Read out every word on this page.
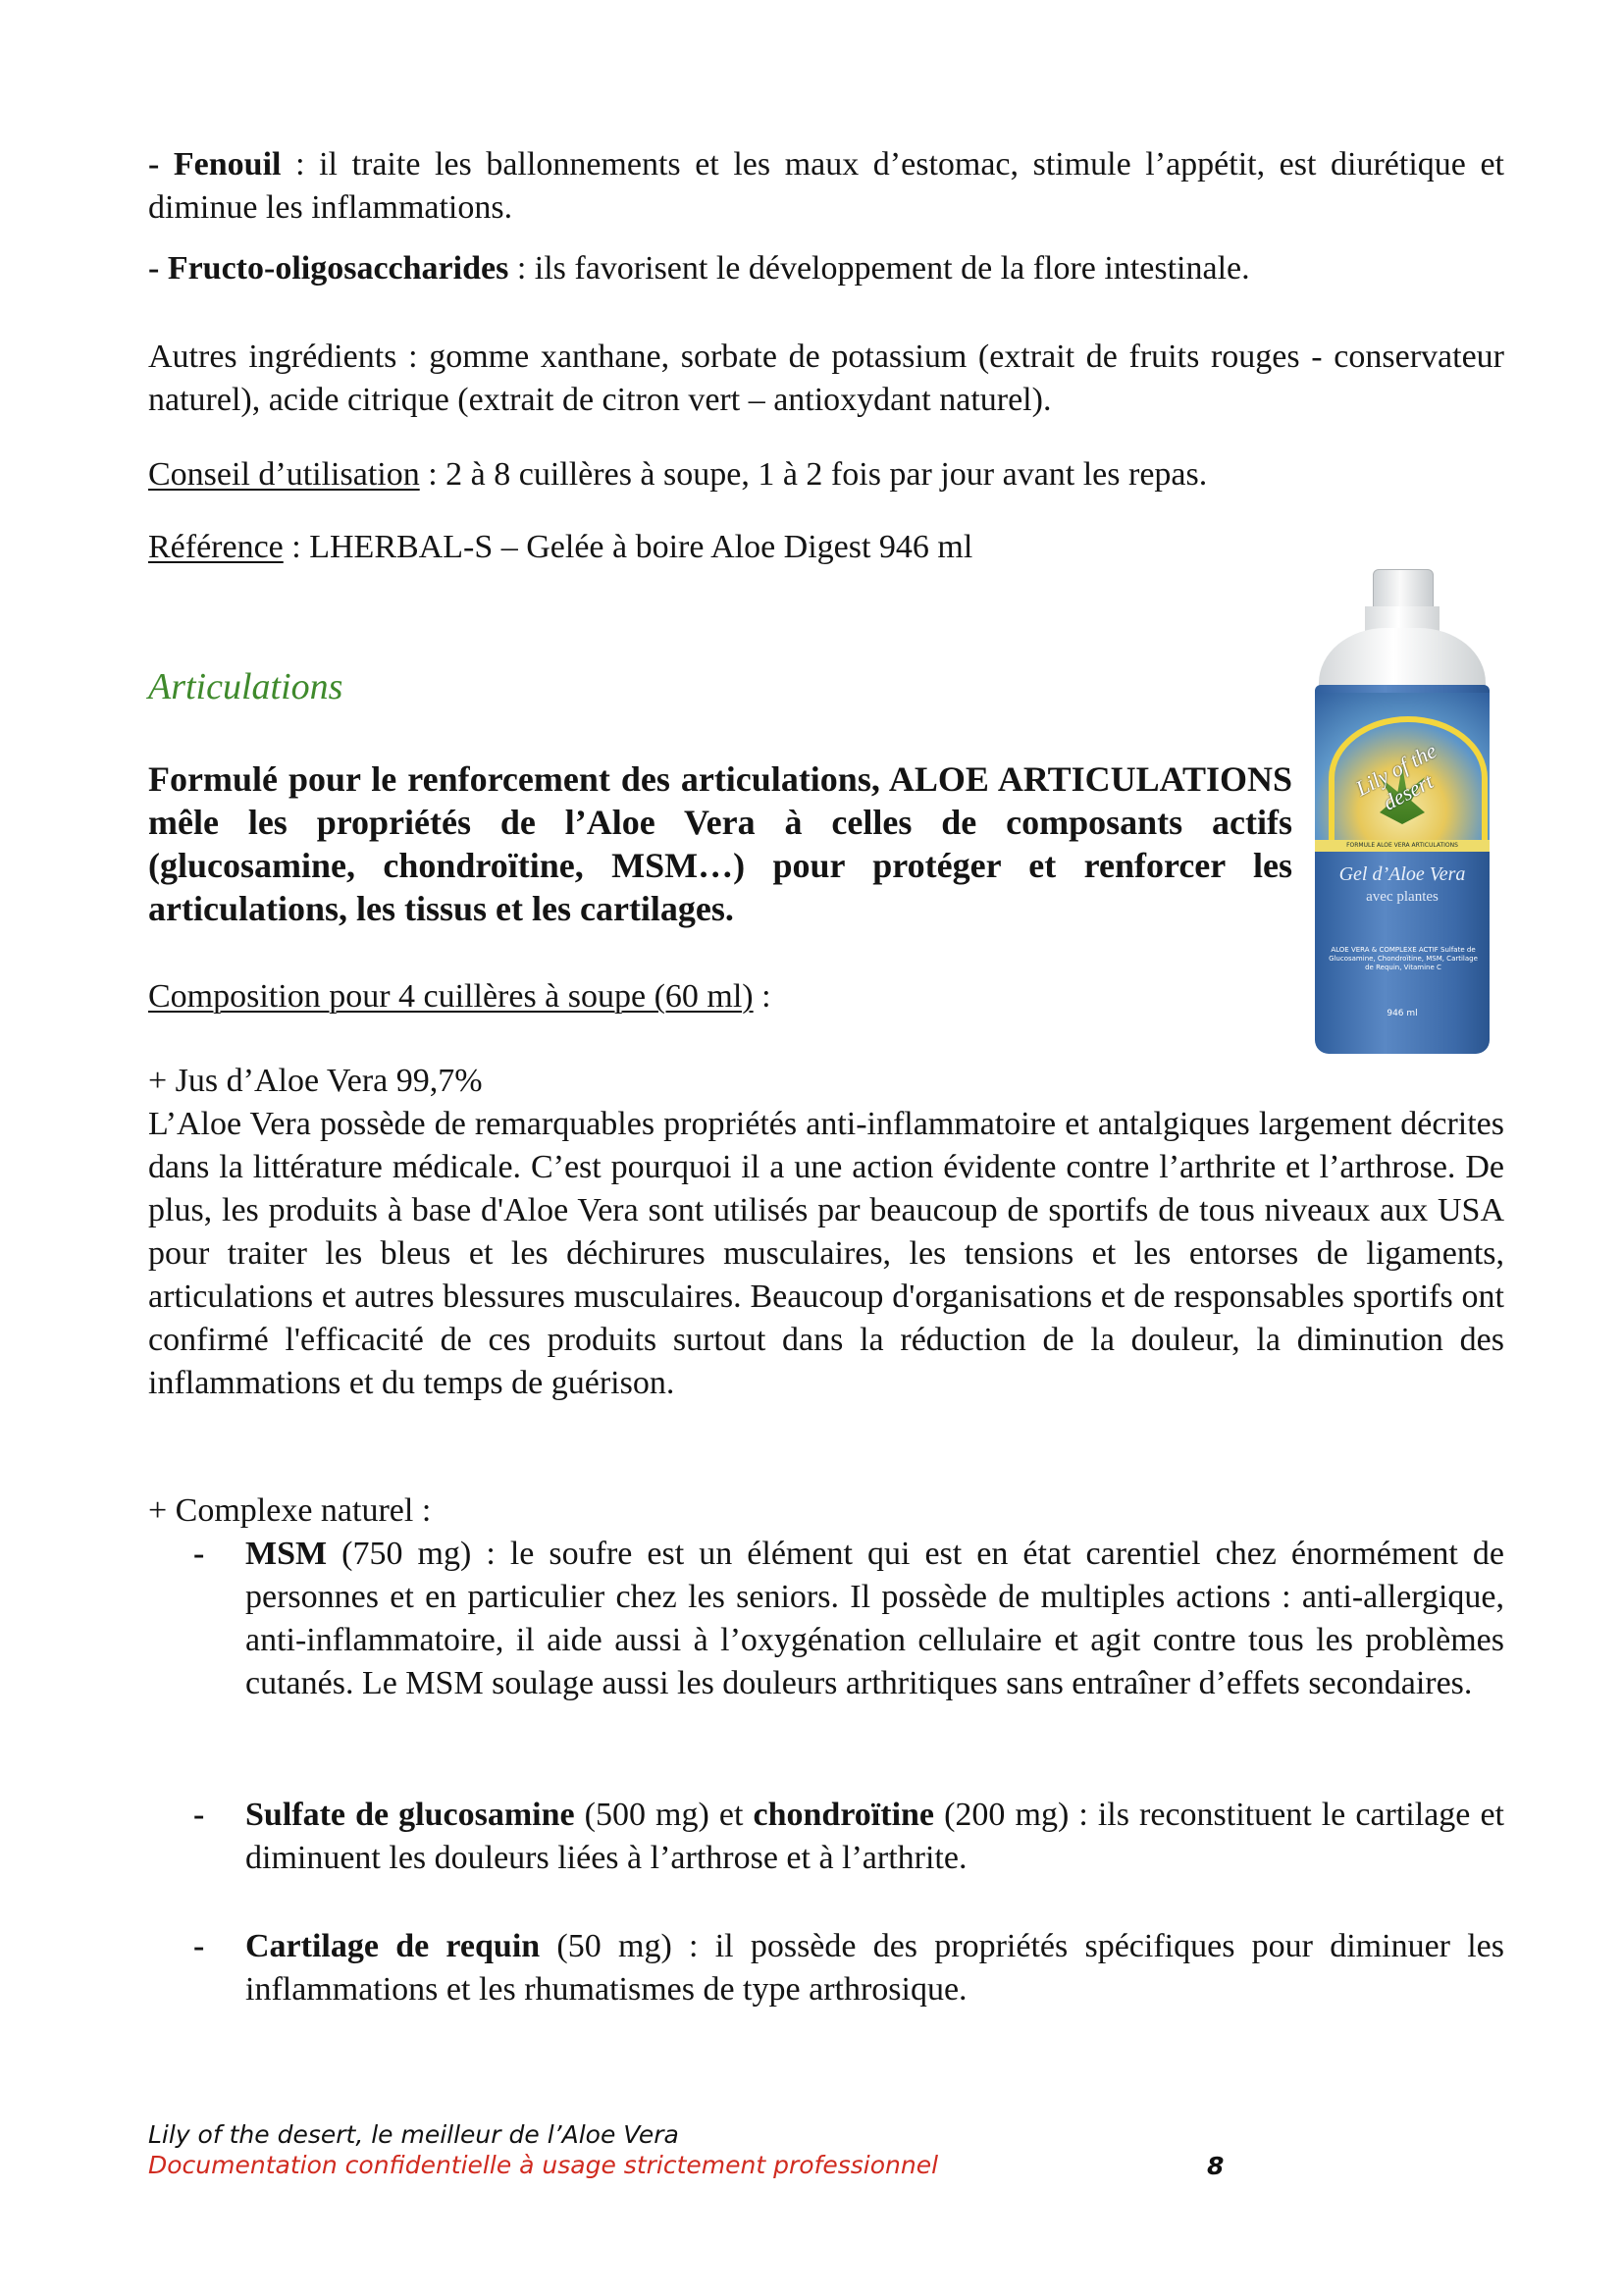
- Fenouil : il traite les ballonnements et les maux d’estomac, stimule l’appétit, est diurétique et diminue les inflammations.
- Fructo-oligosaccharides : ils favorisent le développement de la flore intestinale.
Autres ingrédients : gomme xanthane, sorbate de potassium (extrait de fruits rouges - conservateur naturel), acide citrique (extrait de citron vert – antioxydant naturel).
Conseil d’utilisation : 2 à 8 cuillères à soupe, 1 à 2 fois par jour avant les repas.
Référence : LHERBAL-S – Gelée à boire Aloe Digest 946 ml
Articulations
Formulé pour le renforcement des articulations, ALOE ARTICULATIONS mêle les propriétés de l’Aloe Vera à celles de composants actifs (glucosamine, chondroïtine, MSM…) pour protéger et renforcer les articulations, les tissus et les cartilages.
Composition pour 4 cuillères à soupe (60 ml) :
+ Jus d’Aloe Vera 99,7%
L’Aloe Vera possède de remarquables propriétés anti-inflammatoire et antalgiques largement décrites dans la littérature médicale. C’est pourquoi il a une action évidente contre l’arthrite et l’arthrose. De plus, les produits à base d'Aloe Vera sont utilisés par beaucoup de sportifs de tous niveaux aux USA pour traiter les bleus et les déchirures musculaires, les tensions et les entorses de ligaments, articulations et autres blessures musculaires. Beaucoup d'organisations et de responsables sportifs ont confirmé l'efficacité de ces produits surtout dans la réduction de la douleur, la diminution des inflammations et du temps de guérison.
+ Complexe naturel :

- MSM (750 mg) : le soufre est un élément qui est en état carentiel chez énormément de personnes et en particulier chez les seniors. Il possède de multiples actions : anti-allergique, anti-inflammatoire, il aide aussi à l’oxygénation cellulaire et agit contre tous les problèmes cutanés. Le MSM soulage aussi les douleurs arthritiques sans entraîner d’effets secondaires.

- Sulfate de glucosamine (500 mg) et chondroïtine (200 mg) : ils reconstituent le cartilage et diminuent les douleurs liées à l’arthrose et à l’arthrite.

- Cartilage de requin (50 mg) : il possède des propriétés spécifiques pour diminuer les inflammations et les rhumatismes de type arthrosique.

Lily of the desert
FORMULE ALOE VERA ARTICULATIONS
Gel d’Aloe Vera
avec plantes
ALOE VERA & COMPLEXE ACTIF Sulfate de Glucosamine, Chondroïtine, MSM, Cartilage de Requin, Vitamine C
946 ml
Lily of the desert, le meilleur de l’Aloe Vera
Documentation confidentielle à usage strictement professionnel	8
